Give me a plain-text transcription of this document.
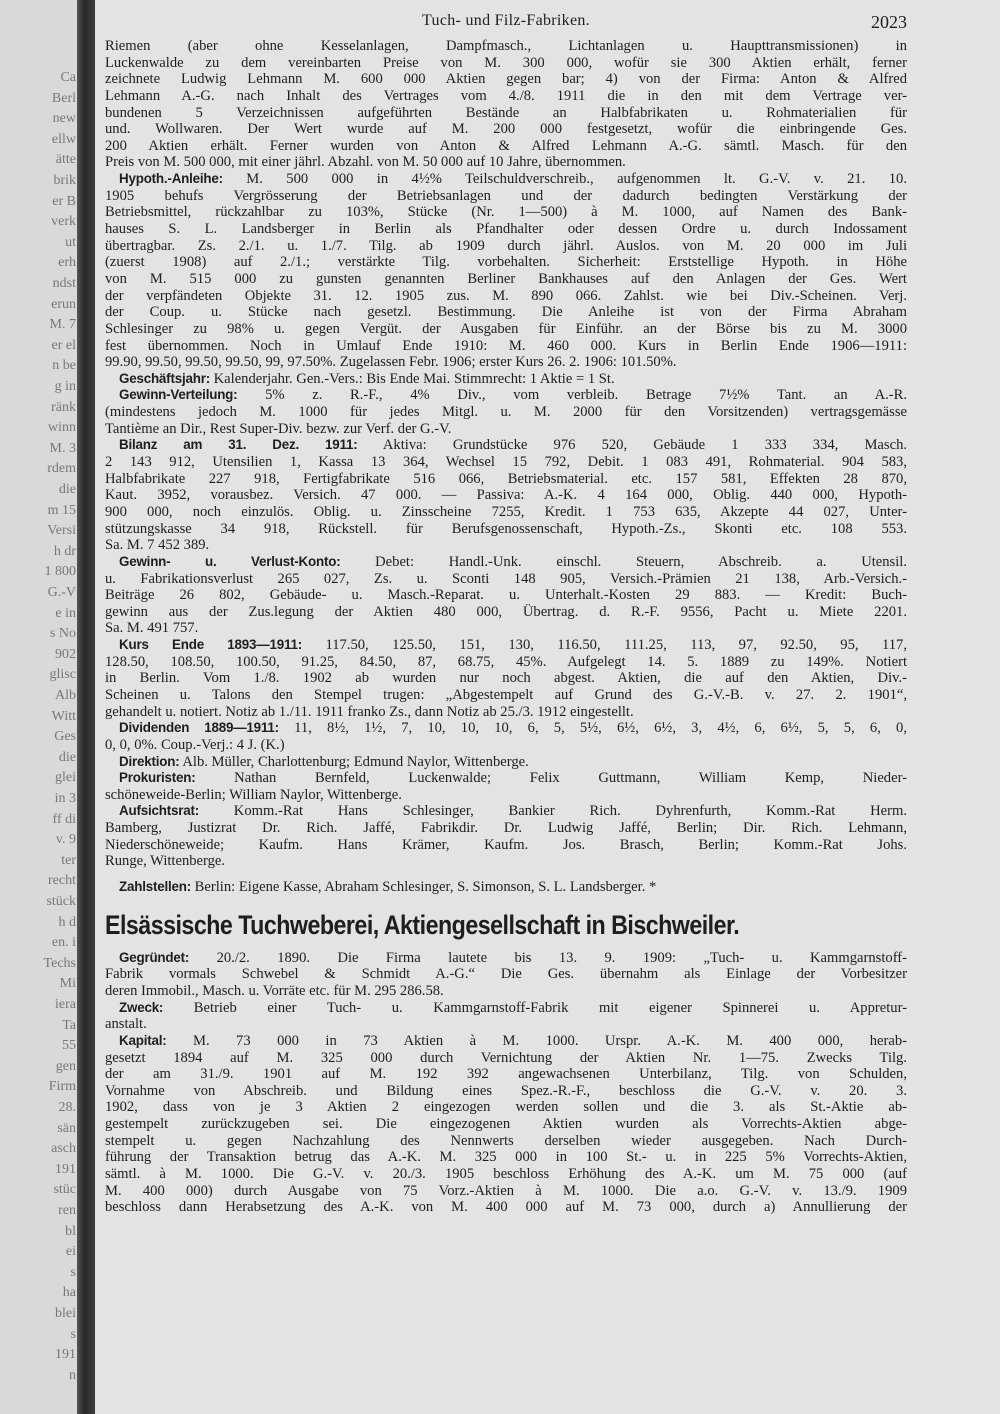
Ca
Berl
new
ellw
ätte
brik
er B
verk
ut
erh
ndst
erun
M. 7
er el
n be
g in
ränk
winn
M. 3
rdem
die
m 15
Versi
h dr
1 800
G.-V
e in
s No
902
glisc
Alb
Witt
Ges
die
glei
in 3
ff di
v. 9
ter
recht
stück
h d
en. i
Techs
Mi
iera
Ta
55
gen
Firm
28.
sän
asch
191
stüc
ren
bl
ei
s
ha
blei
s
191
n
Tuch- und Filz-Fabriken.	2023
Riemen (aber ohne Kesselanlagen, Dampfmasch., Lichtanlagen u. Haupttransmissionen) in
Luckenwalde zu dem vereinbarten Preise von M. 300 000, wofür sie 300 Aktien erhält, ferner
zeichnete Ludwig Lehmann M. 600 000 Aktien gegen bar; 4) von der Firma: Anton & Alfred
Lehmann A.-G. nach Inhalt des Vertrages vom 4./8. 1911 die in den mit dem Vertrage ver-
bundenen 5 Verzeichnissen aufgeführten Bestände an Halbfabrikaten u. Rohmaterialien für
und. Wollwaren. Der Wert wurde auf M. 200 000 festgesetzt, wofür die einbringende Ges.
200 Aktien erhält. Ferner wurden von Anton & Alfred Lehmann A.-G. sämtl. Masch. für den
Preis von M. 500 000, mit einer jährl. Abzahl. von M. 50 000 auf 10 Jahre, übernommen.
Hypoth.-Anleihe: M. 500 000 in 4½% Teilschuldverschreib., aufgenommen lt. G.-V. v. 21. 10.
1905 behufs Vergrösserung der Betriebsanlagen und der dadurch bedingten Verstärkung der
Betriebsmittel, rückzahlbar zu 103%, Stücke (Nr. 1—500) à M. 1000, auf Namen des Bank-
hauses S. L. Landsberger in Berlin als Pfandhalter oder dessen Ordre u. durch Indossament
übertragbar. Zs. 2./1. u. 1./7. Tilg. ab 1909 durch jährl. Auslos. von M. 20 000 im Juli
(zuerst 1908) auf 2./1.; verstärkte Tilg. vorbehalten. Sicherheit: Erststellige Hypoth. in Höhe
von M. 515 000 zu gunsten genannten Berliner Bankhauses auf den Anlagen der Ges. Wert
der verpfändeten Objekte 31. 12. 1905 zus. M. 890 066. Zahlst. wie bei Div.-Scheinen. Verj.
der Coup. u. Stücke nach gesetzl. Bestimmung. Die Anleihe ist von der Firma Abraham
Schlesinger zu 98% u. gegen Vergüt. der Ausgaben für Einführ. an der Börse bis zu M. 3000
fest übernommen. Noch in Umlauf Ende 1910: M. 460 000. Kurs in Berlin Ende 1906—1911:
99.90, 99.50, 99.50, 99.50, 99, 97.50%. Zugelassen Febr. 1906; erster Kurs 26. 2. 1906: 101.50%.
Geschäftsjahr: Kalenderjahr. Gen.-Vers.: Bis Ende Mai. Stimmrecht: 1 Aktie = 1 St.
Gewinn-Verteilung: 5% z. R.-F., 4% Div., vom verbleib. Betrage 7½% Tant. an A.-R.
(mindestens jedoch M. 1000 für jedes Mitgl. u. M. 2000 für den Vorsitzenden) vertragsgemässe
Tantième an Dir., Rest Super-Div. bezw. zur Verf. der G.-V.
Bilanz am 31. Dez. 1911: Aktiva: Grundstücke 976 520, Gebäude 1 333 334, Masch.
2 143 912, Utensilien 1, Kassa 13 364, Wechsel 15 792, Debit. 1 083 491, Rohmaterial. 904 583,
Halbfabrikate 227 918, Fertigfabrikate 516 066, Betriebsmaterial. etc. 157 581, Effekten 28 870,
Kaut. 3952, vorausbez. Versich. 47 000. — Passiva: A.-K. 4 164 000, Oblig. 440 000, Hypoth-
900 000, noch einzulös. Oblig. u. Zinsscheine 7255, Kredit. 1 753 635, Akzepte 44 027, Unter-
stützungskasse 34 918, Rückstell. für Berufsgenossenschaft, Hypoth.-Zs., Skonti etc. 108 553.
Sa. M. 7 452 389.
Gewinn- u. Verlust-Konto: Debet: Handl.-Unk. einschl. Steuern, Abschreib. a. Utensil.
u. Fabrikationsverlust 265 027, Zs. u. Sconti 148 905, Versich.-Prämien 21 138, Arb.-Versich.-
Beiträge 26 802, Gebäude- u. Masch.-Reparat. u. Unterhalt.-Kosten 29 883. — Kredit: Buch-
gewinn aus der Zus.legung der Aktien 480 000, Übertrag. d. R.-F. 9556, Pacht u. Miete 2201.
Sa. M. 491 757.
Kurs Ende 1893—1911: 117.50, 125.50, 151, 130, 116.50, 111.25, 113, 97, 92.50, 95, 117,
128.50, 108.50, 100.50, 91.25, 84.50, 87, 68.75, 45%. Aufgelegt 14. 5. 1889 zu 149%. Notiert
in Berlin. Vom 1./8. 1902 ab wurden nur noch abgest. Aktien, die auf den Aktien, Div.-
Scheinen u. Talons den Stempel trugen: „Abgestempelt auf Grund des G.-V.-B. v. 27. 2. 1901“,
gehandelt u. notiert. Notiz ab 1./11. 1911 franko Zs., dann Notiz ab 25./3. 1912 eingestellt.
Dividenden 1889—1911: 11, 8½, 1½, 7, 10, 10, 10, 6, 5, 5½, 6½, 6½, 3, 4½, 6, 6½, 5, 5, 6, 0,
0, 0, 0%. Coup.-Verj.: 4 J. (K.)
Direktion: Alb. Müller, Charlottenburg; Edmund Naylor, Wittenberge.
Prokuristen:	Nathan Bernfeld, Luckenwalde; Felix Guttmann, William Kemp, Nieder-
schöneweide-Berlin; William Naylor, Wittenberge.
Aufsichtsrat: Komm.-Rat Hans Schlesinger, Bankier Rich. Dyhrenfurth, Komm.-Rat Herm.
Bamberg, Justizrat Dr. Rich. Jaffé, Fabrikdir. Dr. Ludwig Jaffé, Berlin; Dir. Rich. Lehmann,
Niederschöneweide; Kaufm. Hans Krämer, Kaufm. Jos. Brasch, Berlin; Komm.-Rat Johs.
Runge, Wittenberge.
Zahlstellen: Berlin: Eigene Kasse, Abraham Schlesinger, S. Simonson, S. L. Landsberger. *
Elsässische Tuchweberei, Aktiengesellschaft in Bischweiler.
Gegründet: 20./2. 1890. Die Firma lautete bis 13. 9. 1909: „Tuch- u. Kammgarnstoff-
Fabrik vormals Schwebel & Schmidt A.-G.“ Die Ges. übernahm als Einlage der Vorbesitzer
deren Immobil., Masch. u. Vorräte etc. für M. 295 286.58.
Zweck: Betrieb einer Tuch- u. Kammgarnstoff-Fabrik mit eigener Spinnerei u. Appretur-
anstalt.
Kapital: M. 73 000 in 73 Aktien à M. 1000. Urspr. A.-K. M. 400 000, herab-
gesetzt 1894 auf M. 325 000 durch Vernichtung der Aktien Nr. 1—75. Zwecks Tilg.
der am 31./9. 1901 auf M. 192 392 angewachsenen Unterbilanz, Tilg. von Schulden,
Vornahme von Abschreib. und Bildung eines Spez.-R.-F., beschloss die G.-V. v. 20. 3.
1902, dass von je 3 Aktien 2 eingezogen werden sollen und die 3. als St.-Aktie ab-
gestempelt zurückzugeben sei. Die eingezogenen Aktien wurden als Vorrechts-Aktien abge-
stempelt u. gegen Nachzahlung des Nennwerts derselben wieder ausgegeben. Nach Durch-
führung der Transaktion betrug das A.-K. M. 325 000 in 100 St.- u. in 225 5% Vorrechts-Aktien,
sämtl. à M. 1000. Die G.-V. v. 20./3. 1905 beschloss Erhöhung des A.-K. um M. 75 000 (auf
M. 400 000) durch Ausgabe von 75 Vorz.-Aktien à M. 1000. Die a.o. G.-V. v. 13./9. 1909
beschloss dann Herabsetzung des A.-K. von M. 400 000 auf M. 73 000, durch a) Annullierung der
